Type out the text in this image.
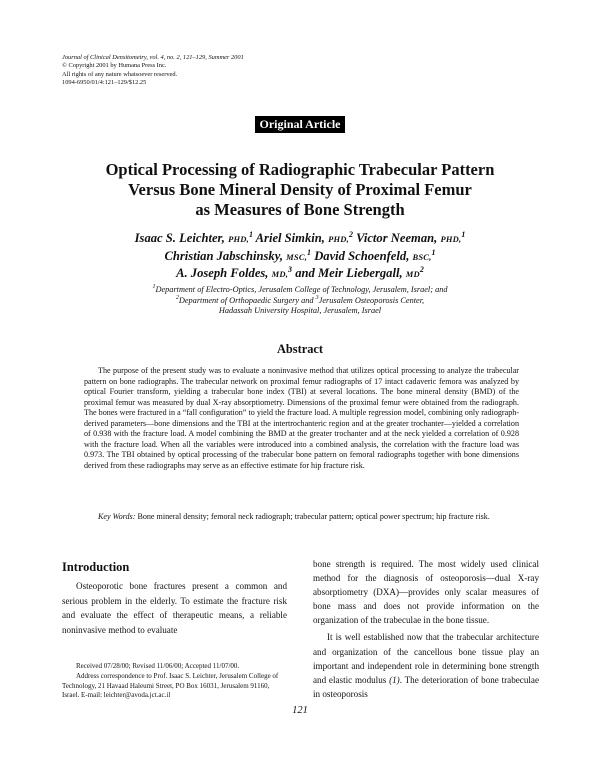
Journal of Clinical Densitometry, vol. 4, no. 2, 121–129, Summer 2001
© Copyright 2001 by Humana Press Inc.
All rights of any nature whatsoever reserved.
1094-6950/01/4:121–129/$12.25
Original Article
Optical Processing of Radiographic Trabecular Pattern
Versus Bone Mineral Density of Proximal Femur
as Measures of Bone Strength
Isaac S. Leichter, PHD,$^1$ Ariel Simkin, PHD,$^2$ Victor Neeman, PHD,$^1$
Christian Jabschinsky, MSC,$^1$ David Schoenfeld, BSC,$^1$
A. Joseph Foldes, MD,$^3$ and Meir Liebergall, $MD^2$
$^1$Department of Electro-Optics, Jerusalem College of Technology, Jerusalem, Israel; and
$^2$Department of Orthopaedic Surgery and $^3$Jerusalem Osteoporosis Center,
Hadassah University Hospital, Jerusalem, Israel
Abstract
The purpose of the present study was to evaluate a noninvasive method that utilizes optical processing to analyze the trabecular pattern on bone radiographs. The trabecular network on proximal femur radiographs of 17 intact cadaveric femora was analyzed by optical Fourier transform, yielding a trabecular bone index (TBI) at several locations. The bone mineral density (BMD) of the proximal femur was measured by dual X-ray absorptiometry. Dimensions of the proximal femur were obtained from the radiograph. The bones were fractured in a “fall configuration” to yield the fracture load. A multiple regression model, combining only radiograph-derived parameters—bone dimensions and the TBI at the intertrochanteric region and at the greater trochanter—yielded a correlation of 0.938 with the fracture load. A model combining the BMD at the greater trochanter and at the neck yielded a correlation of 0.928 with the fracture load. When all the variables were introduced into a combined analysis, the correlation with the fracture load was 0.973. The TBI obtained by optical processing of the trabecular bone pattern on femoral radiographs together with bone dimensions derived from these radiographs may serve as an effective estimate for hip fracture risk.
Key Words: Bone mineral density; femoral neck radiograph; trabecular pattern; optical power spectrum; hip fracture risk.
Introduction
Osteoporotic bone fractures present a common and serious problem in the elderly. To estimate the fracture risk and evaluate the effect of therapeutic means, a reliable noninvasive method to evaluate

Received 07/28/00; Revised 11/06/00; Accepted 11/07/00.

Address correspondence to Prof. Isaac S. Leichter, Jerusalem College of Technology, 21 Havaad Haleumi Street, PO Box 16031, Jerusalem 91160, Israel. E-mail: leichter@avoda.jct.ac.il

bone strength is required. The most widely used clinical method for the diagnosis of osteoporosis—dual X-ray absorptiometry (DXA)—provides only scalar measures of bone mass and does not provide information on the organization of the trabeculae in the bone tissue.

It is well established now that the trabecular architecture and organization of the cancellous bone tissue play an important and independent role in determining bone strength and elastic modulus (1). The deterioration of bone trabeculae in osteoporosis

121
